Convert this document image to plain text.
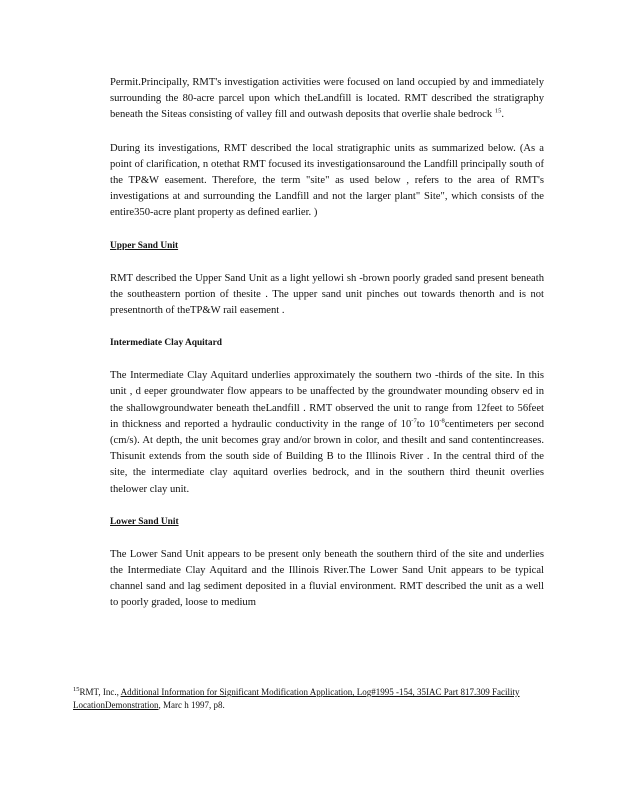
Permit.Principally, RMT's investigation activities were focused on land occupied by and immediately surrounding the 80-acre parcel upon which theLandfill is located. RMT described the stratigraphy beneath the Siteas consisting of valley fill and outwash deposits that overlie shale bedrock $^{15}$.

During its investigations, RMT described the local stratigraphic units as summarized below. (As a point of clarification, n otethat RMT focused its investigationsaround the Landfill principally south of the TP&W easement. Therefore, the term "site" as used below , refers to the area of RMT's investigations at and surrounding the Landfill and not the larger plant" Site", which consists of the entire350-acre plant property as defined earlier. )

Upper Sand Unit

RMT described the Upper Sand Unit as a light yellowi sh -brown poorly graded sand present beneath the southeastern portion of thesite . The upper sand unit pinches out towards thenorth and is not presentnorth of theTP&W rail easement .

Intermediate Clay Aquitard

The Intermediate Clay Aquitard underlies approximately the southern two -thirds of the site. In this unit , d eeper groundwater flow appears to be unaffected by the groundwater mounding observ ed in the shallowgroundwater beneath theLandfill . RMT observed the unit to range from 12feet to 56feet in thickness and reported a hydraulic conductivity in the range of $10^{-7}to$ $10^{-8}centimeters$ per second (cm/s). At depth, the unit becomes gray and/or brown in color, and thesilt and sand contentincreases. Thisunit extends from the south side of Building B to the Illinois River . In the central third of the site, the intermediate clay aquitard overlies bedrock, and in the southern third theunit overlies thelower clay unit.

Lower Sand Unit

The Lower Sand Unit appears to be present only beneath the southern third of the site and underlies the Intermediate Clay Aquitard and the Illinois River.The Lower Sand Unit appears to be typical channel sand and lag sediment deposited in a fluvial environment. RMT described the unit as a well to poorly graded, loose to medium

$^{15}$RMT, Inc., Additional Information for Significant Modification Application, Log#1995 -154, 35IAC Part 817.309 Facility LocationDemonstration, Marc h 1997, p8.
